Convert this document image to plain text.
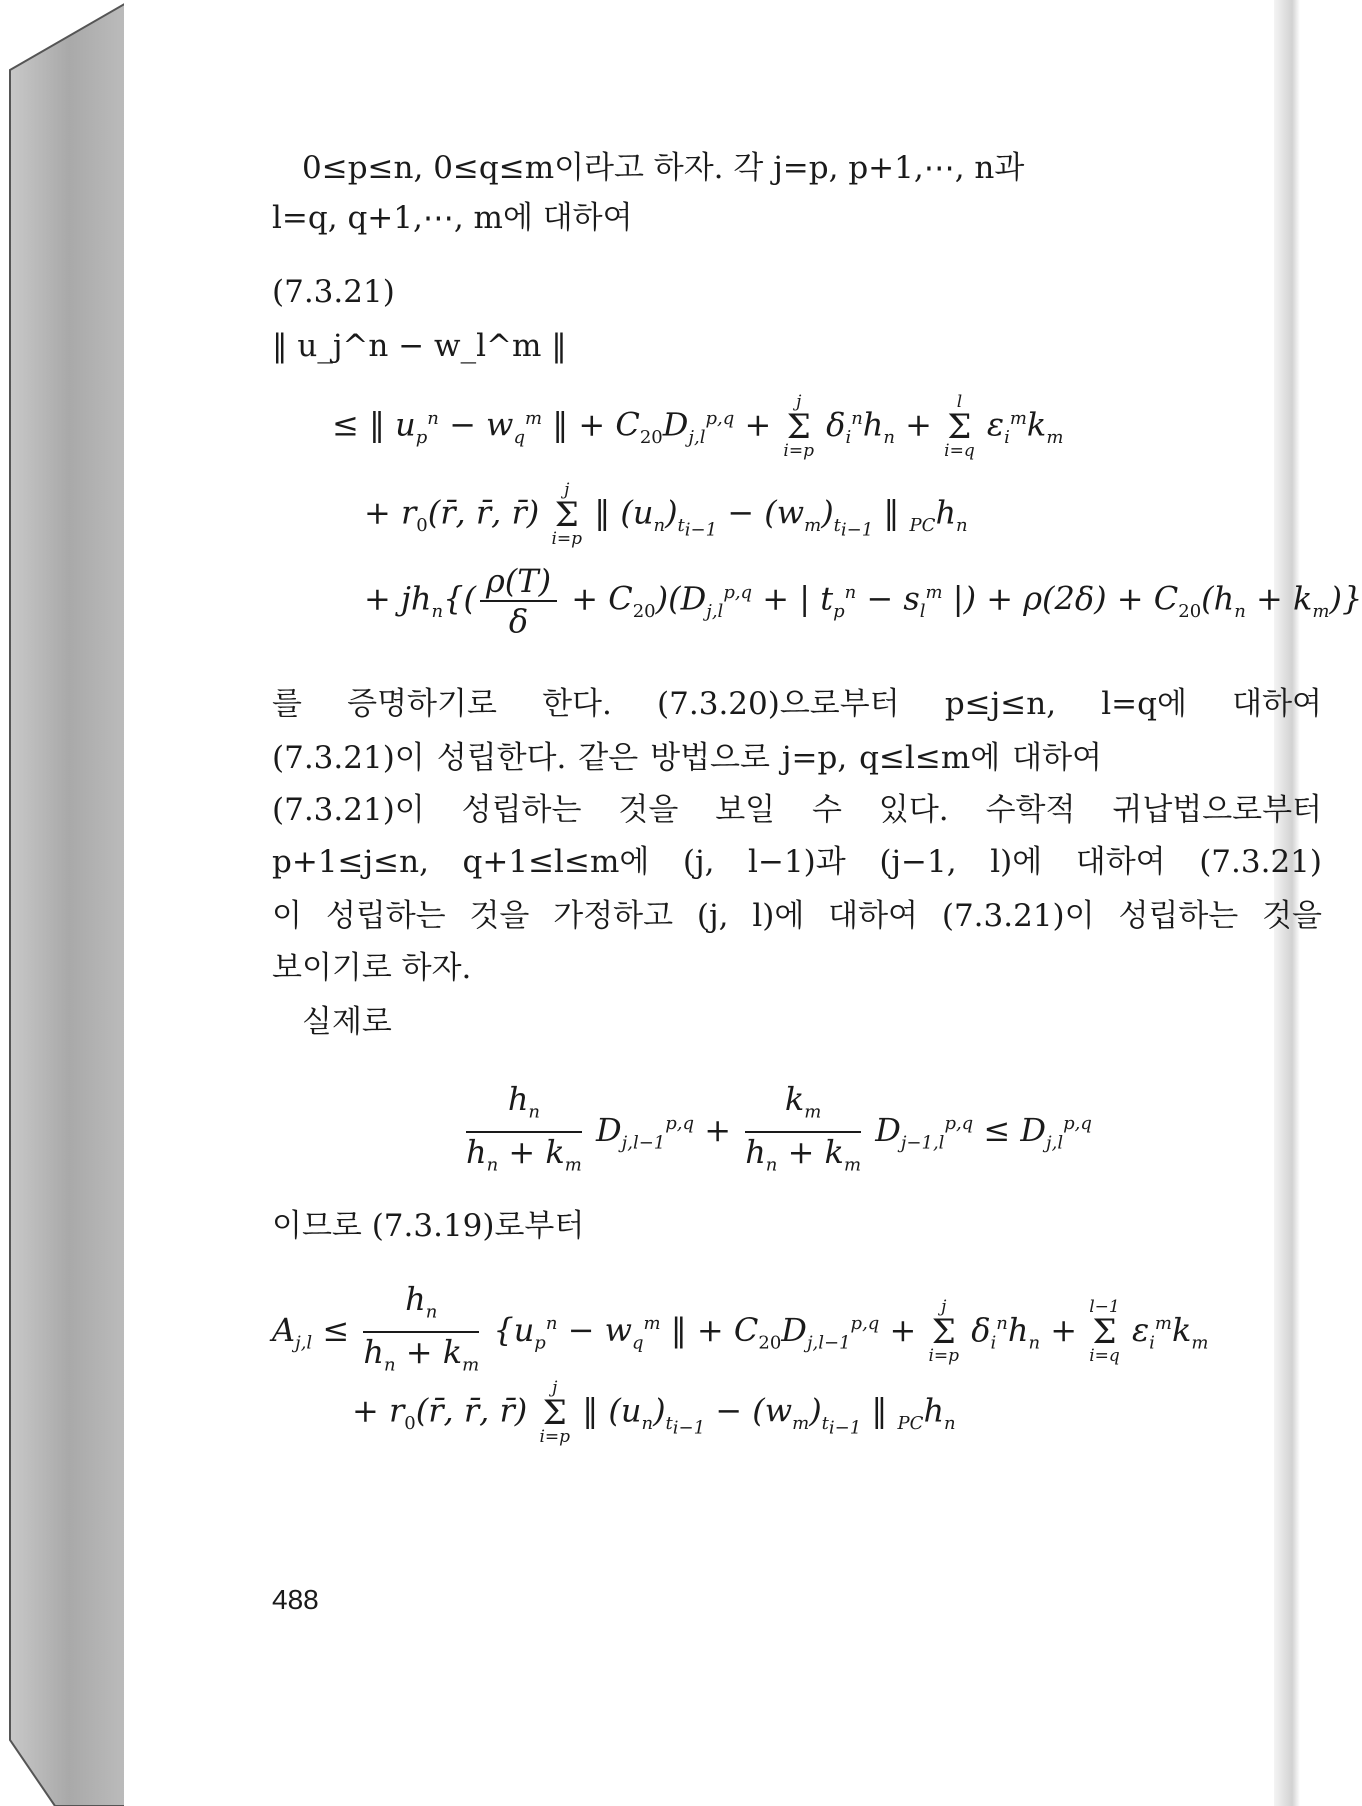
0≤p≤n, 0≤q≤m이라고 하자. 각 j=p, p+1,⋯, n과
l=q, q+1,⋯, m에 대하여
(7.3.21)
‖ u_j^n − w_l^m ‖
≤ ‖ $u_p^n - w_q^m$ ‖ + $C_{20}D_{j,l}^{p,q}$ +
j
Σ
i=p
$\delta_i^nh_n$ +
l
Σ
i=q
$\varepsilon_i^mk_m$
+ $r_0(r̄$, r̄, r̄)
j
Σ
i=p
‖ $(u_n)_{t_{i-1}} - (w_m)_{t_{i-1}}$ ‖ $_{PC}h_n$
+ $jh_n\{( \frac{\rho(T)}{\delta} + C_{20})(D_{j,l}^{p,q}$ + | $t_p^n - s_l^m$ |) + $\rho(2\delta) + C_{20}(h_n + k_m)$}
를 증명하기로 한다. (7.3.20)으로부터 p≤j≤n, l=q에 대하여
(7.3.21)이 성립한다. 같은 방법으로 j=p, q≤l≤m에 대하여
(7.3.21)이 성립하는 것을 보일 수 있다. 수학적 귀납법으로부터
p+1≤j≤n, q+1≤l≤m에 (j, l−1)과 (j−1, l)에 대하여 (7.3.21)
이 성립하는 것을 가정하고 (j, l)에 대하여 (7.3.21)이 성립하는 것을
보이기로 하자.
실제로
$\frac{h_n}{h_n + k_m} D_{j,l-1}^{p,q} + \frac{k_m}{h_n + k_m} D_{j-1,l}^{p,q} \le D_{j,l}^{p,q}$
이므로 (7.3.19)로부터
$A_{j,l} \le \frac{h_n}{h_n + k_m} \{u_p^n - w_q^m$ ‖ + $C_{20}D_{j,l-1}^{p,q}$ +
j
Σ
i=p
$\delta_i^nh_n$ +
l−1
Σ
i=q
$\varepsilon_i^mk_m$
+ $r_0(r̄$, r̄, r̄)
j
Σ
i=p
‖ $(u_n)_{t_{i-1}} - (w_m)_{t_{i-1}}$ ‖ $_{PC}h_n$
488
